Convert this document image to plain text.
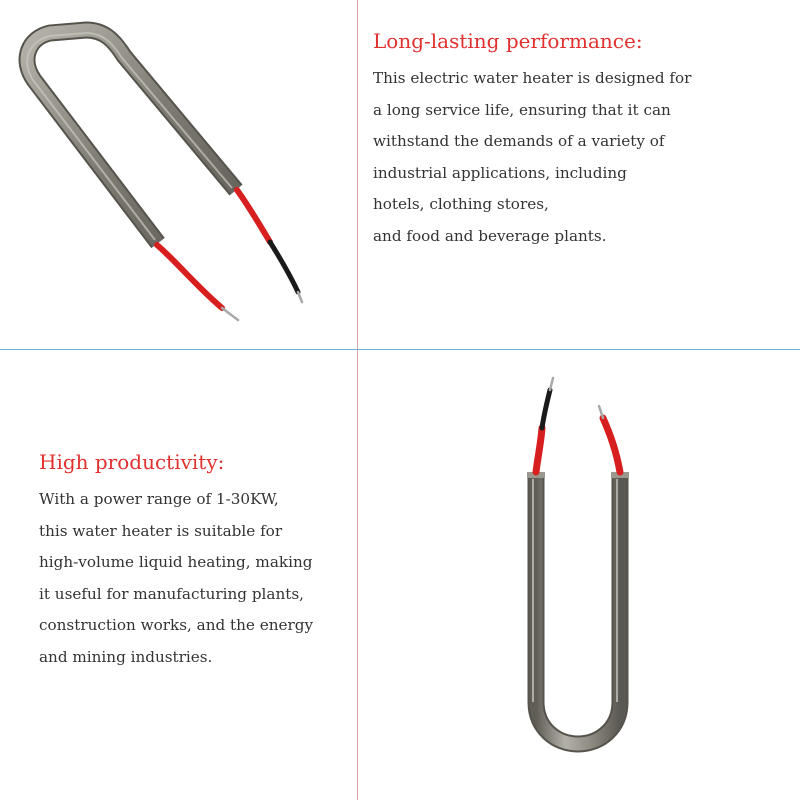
Long-lasting performance:
This electric water heater is designed for
a long service life, ensuring that it can
withstand the demands of a variety of
industrial applications, including
hotels, clothing stores,
and food and beverage plants.
High productivity:
With a power range of 1-30KW,
this water heater is suitable for
high-volume liquid heating, making
it useful for manufacturing plants,
construction works, and the energy
and mining industries.
